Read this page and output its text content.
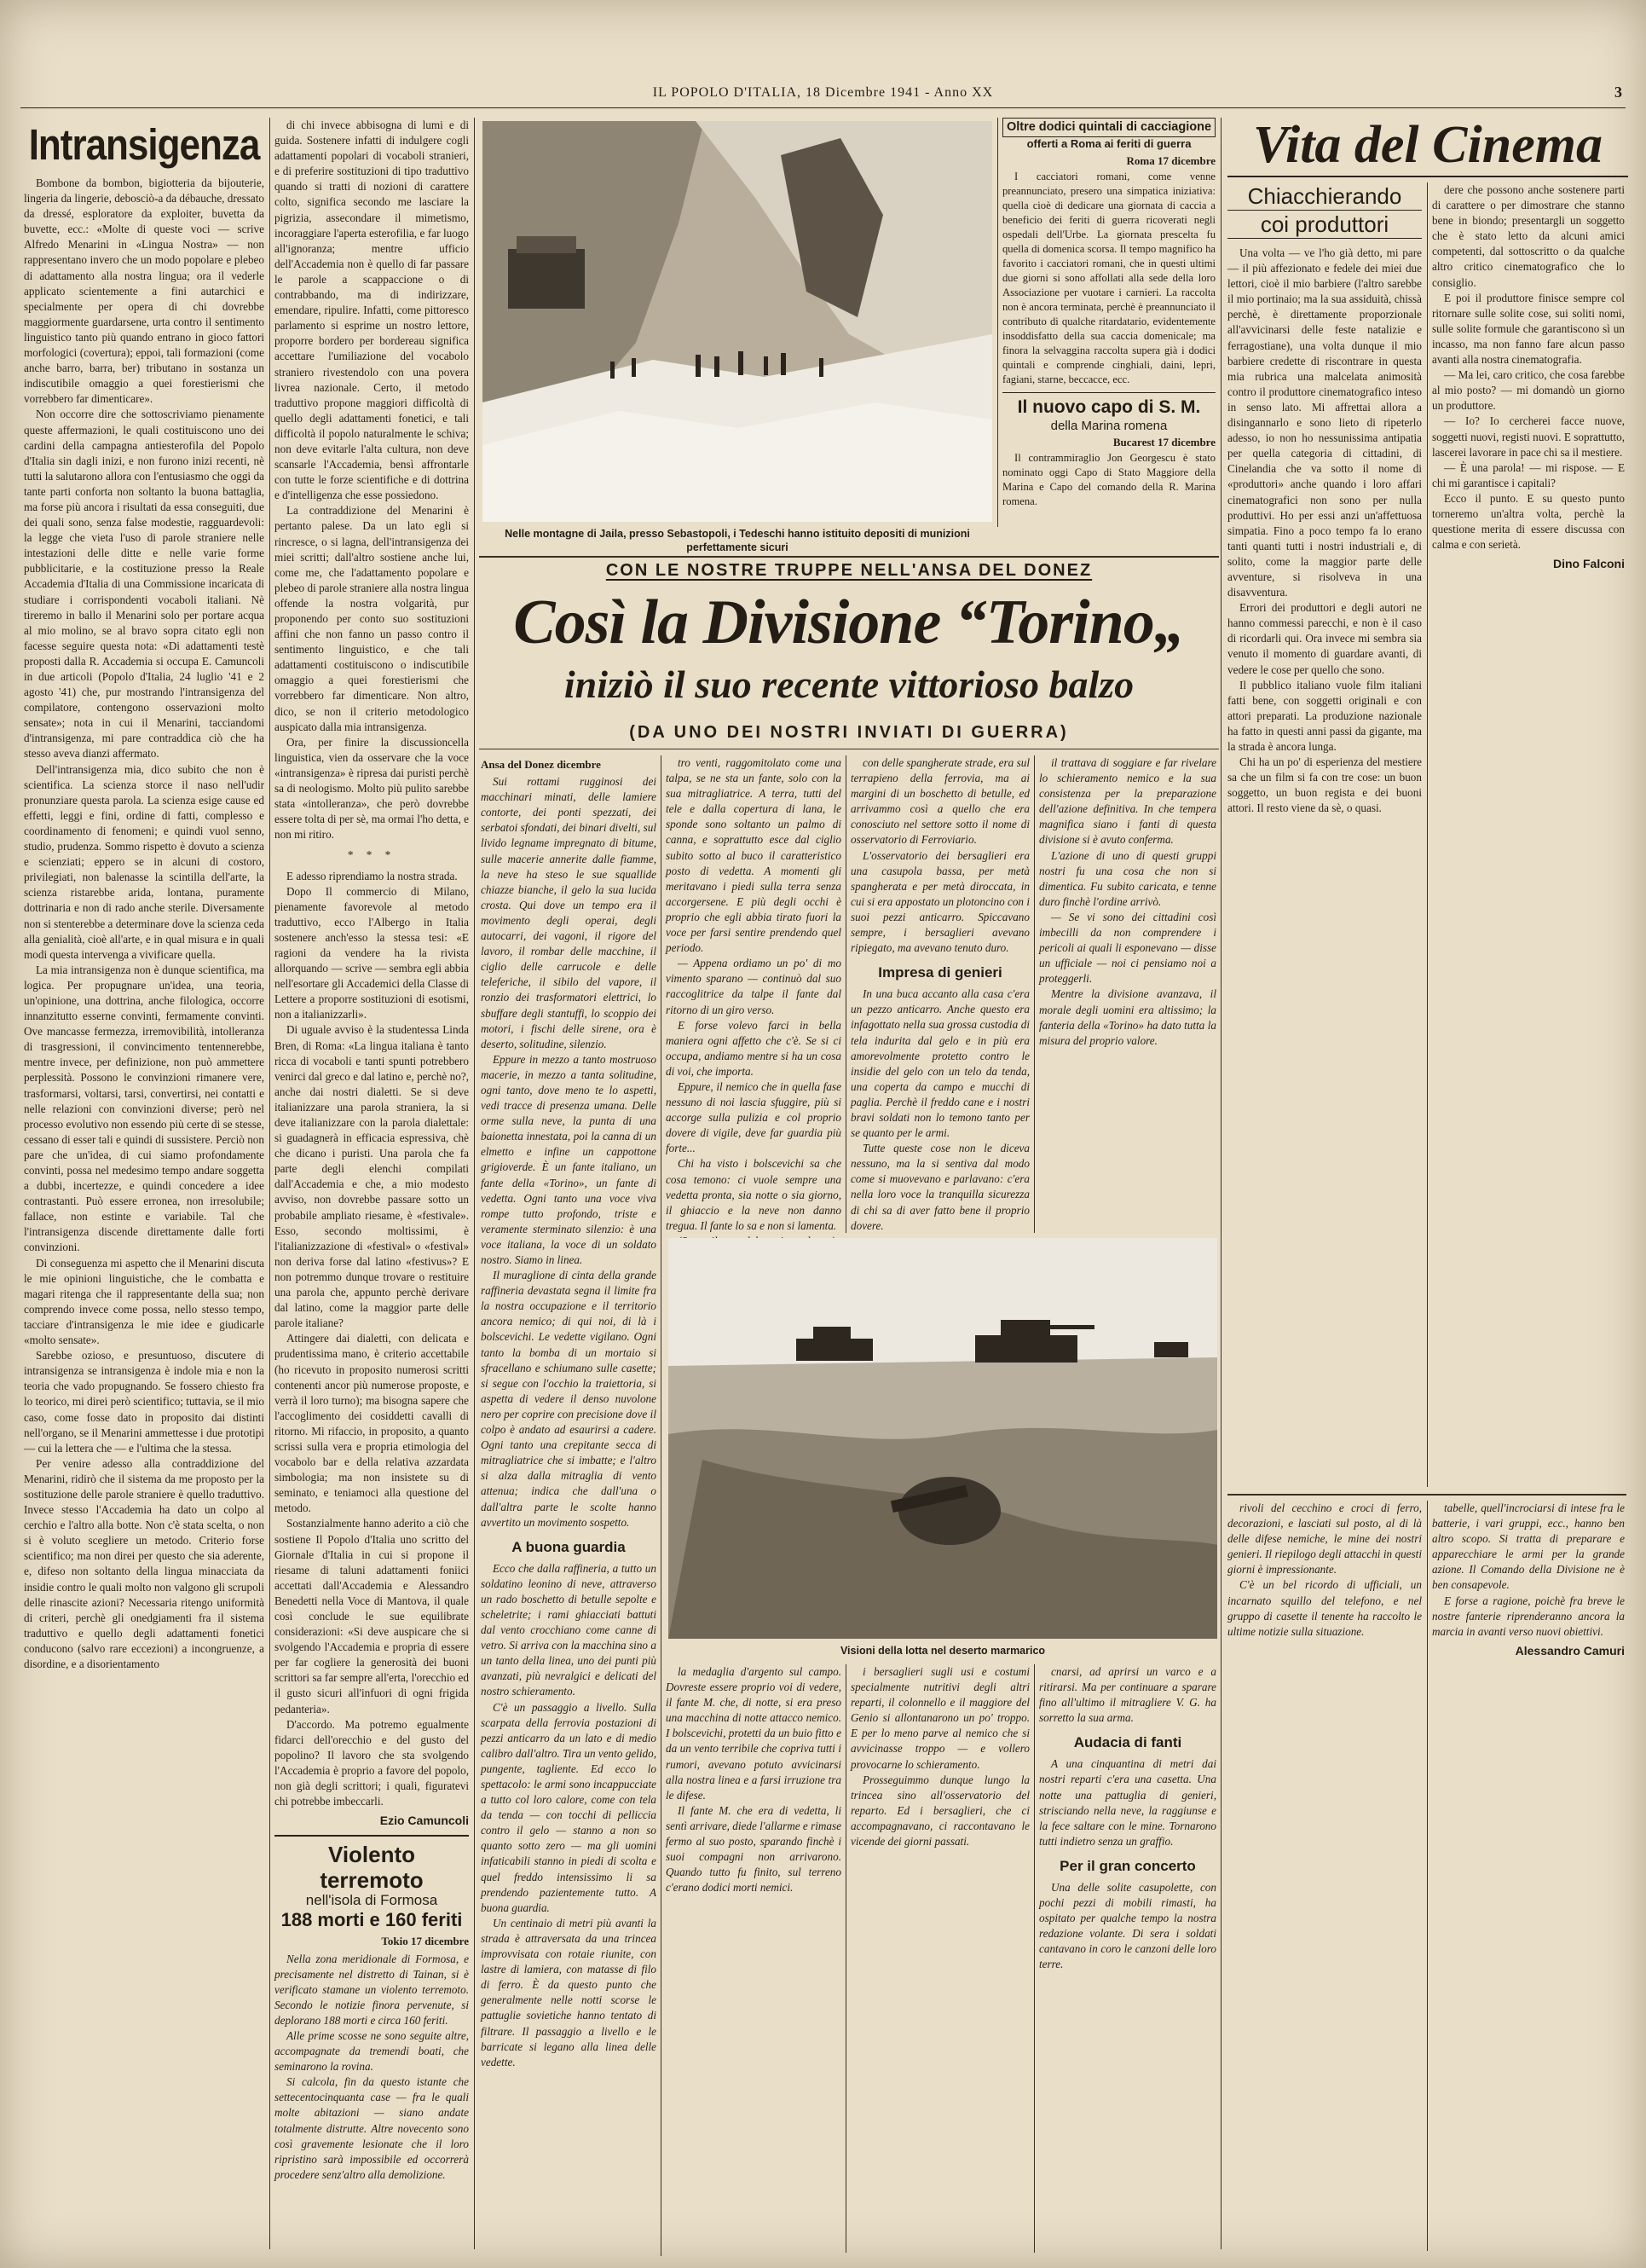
IL POPOLO D'ITALIA, 18 Dicembre 1941 - Anno XX	3
Intransigenza

Bombone da bombon, bigiotteria da bijouterie, lingeria da lingerie, debosciò-a da débauche, dressato da dressé, esploratore da exploiter, buvetta da buvette, ecc.: «Molte di queste voci — scrive Alfredo Menarini in «Lingua Nostra» — non rappresentano invero che un modo popolare e plebeo di adattamento alla nostra lingua; ora il vederle applicato scientemente a fini autarchici e specialmente per opera di chi dovrebbe maggiormente guardarsene, urta contro il sentimento linguistico tanto più quando entrano in gioco fattori morfologici (covertura); eppoi, tali formazioni (come anche barro, barra, ber) tributano in sostanza un indiscutibile omaggio a quei forestierismi che vorrebbero far dimenticare».

Non occorre dire che sottoscriviamo pienamente queste affermazioni, le quali costituiscono uno dei cardini della campagna antiesterofila del Popolo d'Italia sin dagli inizi, e non furono inizi recenti, nè tutti la salutarono allora con l'entusiasmo che oggi da tante parti conforta non soltanto la buona battaglia, ma forse più ancora i risultati da essa conseguiti, due dei quali sono, senza false modestie, ragguardevoli: la legge che vieta l'uso di parole straniere nelle intestazioni delle ditte e nelle varie forme pubblicitarie, e la costituzione presso la Reale Accademia d'Italia di una Commissione incaricata di studiare i corrispondenti vocaboli italiani. Nè tireremo in ballo il Menarini solo per portare acqua al mio molino, se al bravo sopra citato egli non facesse seguire questa nota: «Di adattamenti testè proposti dalla R. Accademia si occupa E. Camuncoli in due articoli (Popolo d'Italia, 24 luglio '41 e 2 agosto '41) che, pur mostrando l'intransigenza del compilatore, contengono osservazioni molto sensate»; nota in cui il Menarini, tacciandomi d'intransigenza, mi pare contraddica ciò che ha stesso aveva dianzi affermato.

Dell'intransigenza mia, dico subito che non è scientifica. La scienza storce il naso nell'udir pronunziare questa parola. La scienza esige cause ed effetti, leggi e fini, ordine di fatti, complesso e coordinamento di fenomeni; e quindi vuol senno, studio, prudenza. Sommo rispetto è dovuto a scienza e scienziati; eppero se in alcuni di costoro, privilegiati, non balenasse la scintilla dell'arte, la scienza ristarebbe arida, lontana, puramente dottrinaria e non di rado anche sterile. Diversamente non si stenterebbe a determinare dove la scienza ceda alla genialità, cioè all'arte, e in qual misura e in quali modi questa intervenga a vivificare quella.

La mia intransigenza non è dunque scientifica, ma logica. Per propugnare un'idea, una teoria, un'opinione, una dottrina, anche filologica, occorre innanzitutto esserne convinti, fermamente convinti. Ove mancasse fermezza, irremovibilità, intolleranza di trasgressioni, il convincimento tentennerebbe, mentre invece, per definizione, non può ammettere perplessità. Possono le convinzioni rimanere vere, trasformarsi, voltarsi, tarsi, convertirsi, nei contatti e nelle relazioni con convinzioni diverse; però nel processo evolutivo non essendo più certe di se stesse, cessano di esser tali e quindi di sussistere. Perciò non pare che un'idea, di cui siamo profondamente convinti, possa nel medesimo tempo andare soggetta a dubbi, incertezze, e quindi concedere a idee contrastanti. Può essere erronea, non irresolubile; fallace, non estinte e variabile. Tal che l'intransigenza discende direttamente dalle forti convinzioni.

Di conseguenza mi aspetto che il Menarini discuta le mie opinioni linguistiche, che le combatta e magari ritenga che il rappresentante della sua; non comprendo invece come possa, nello stesso tempo, tacciare d'intransigenza le mie idee e giudicarle «molto sensate».

Sarebbe ozioso, e presuntuoso, discutere di intransigenza se intransigenza è indole mia e non la teoria che vado propugnando. Se fossero chiesto fra lo teorico, mi direi però scientifico; tuttavia, se il mio caso, come fosse dato in proposito dai distinti nell'organo, se il Menarini ammettesse i due prototipi — cui la lettera che — e l'ultima che la stessa.

Per venire adesso alla contraddizione del Menarini, ridirò che il sistema da me proposto per la sostituzione delle parole straniere è quello traduttivo. Invece stesso l'Accademia ha dato un colpo al cerchio e l'altro alla botte. Non c'è stata scelta, o non si è voluto scegliere un metodo. Criterio forse scientifico; ma non direi per questo che sia aderente, e, difeso non soltanto della lingua minacciata da insidie contro le quali molto non valgono gli scrupoli delle rinascite azioni? Necessaria ritengo uniformità di criteri, perchè gli onedgiamenti fra il sistema traduttivo e quello degli adattamenti fonetici conducono (salvo rare eccezioni) a incongruenze, a disordine, e a disorientamento

di chi invece abbisogna di lumi e di guida. Sostenere infatti di indulgere cogli adattamenti popolari di vocaboli stranieri, e di preferire sostituzioni di tipo traduttivo quando si tratti di nozioni di carattere colto, significa secondo me lasciare la pigrizia, assecondare il mimetismo, incoraggiare l'aperta esterofilia, e far luogo all'ignoranza; mentre ufficio dell'Accademia non è quello di far passare le parole a scappaccione o di contrabbando, ma di indirizzare, emendare, ripulire. Infatti, come pittoresco parlamento si esprime un nostro lettore, proporre bordero per bordereau significa accettare l'umiliazione del vocabolo straniero rivestendolo con una povera livrea nazionale. Certo, il metodo traduttivo propone maggiori difficoltà di quello degli adattamenti fonetici, e tali difficoltà il popolo naturalmente le schiva; non deve evitarle l'alta cultura, non deve scansarle l'Accademia, bensì affrontarle con tutte le forze scientifiche e di dottrina e d'intelligenza che esse possiedono.

La contraddizione del Menarini è pertanto palese. Da un lato egli si rincresce, o si lagna, dell'intransigenza dei miei scritti; dall'altro sostiene anche lui, come me, che l'adattamento popolare e plebeo di parole straniere alla nostra lingua offende la nostra volgarità, pur proponendo per conto suo sostituzioni affini che non fanno un passo contro il sentimento linguistico, e che tali adattamenti costituiscono o indiscutibile omaggio a quei forestierismi che vorrebbero far dimenticare. Non altro, dico, se non il criterio metodologico auspicato dalla mia intransigenza.

Ora, per finire la discussioncella linguistica, vien da osservare che la voce «intransigenza» è ripresa dai puristi perchè sa di neologismo. Molto più pulito sarebbe stata «intolleranza», che però dovrebbe essere tolta di per sè, ma ormai l'ho detta, e non mi ritiro.

* * *

E adesso riprendiamo la nostra strada.

Dopo Il commercio di Milano, pienamente favorevole al metodo traduttivo, ecco l'Albergo in Italia sostenere anch'esso la stessa tesi: «E ragioni da vendere ha la rivista allorquando — scrive — sembra egli abbia nell'esortare gli Accademici della Classe di Lettere a proporre sostituzioni di esotismi, non a italianizzarli».

Di uguale avviso è la studentessa Linda Bren, di Roma: «La lingua italiana è tanto ricca di vocaboli e tanti spunti potrebbero venirci dal greco e dal latino e, perchè no?, anche dai nostri dialetti. Se si deve italianizzare una parola straniera, la si deve italianizzare con la parola dialettale: si guadagnerà in efficacia espressiva, chè che dicano i puristi. Una parola che fa parte degli elenchi compilati dall'Accademia e che, a mio modesto avviso, non dovrebbe passare sotto un probabile ampliato riesame, è «festivale». Esso, secondo moltissimi, è l'italianizzazione di «festival» o «festival» non deriva forse dal latino «festivus»? E non potremmo dunque trovare o restituire una parola che, appunto perchè derivare dal latino, come la maggior parte delle parole italiane?

Attingere dai dialetti, con delicata e prudentissima mano, è criterio accettabile (ho ricevuto in proposito numerosi scritti contenenti ancor più numerose proposte, e verrà il loro turno); ma bisogna sapere che l'accoglimento dei cosiddetti cavalli di ritorno. Mi rifaccio, in proposito, a quanto scrissi sulla vera e propria etimologia del vocabolo bar e della relativa azzardata simbologia; ma non insistete su di seminato, e teniamoci alla questione del metodo.

Sostanzialmente hanno aderito a ciò che sostiene Il Popolo d'Italia uno scritto del Giornale d'Italia in cui si propone il riesame di taluni adattamenti foniici accettati dall'Accademia e Alessandro Benedetti nella Voce di Mantova, il quale così conclude le sue equilibrate considerazioni: «Si deve auspicare che si svolgendo l'Accademia e propria di essere per far cogliere la generosità dei buoni scrittori sa far sempre all'erta, l'orecchio ed il gusto sicuri all'infuori di ogni frigida pedanteria».

D'accordo. Ma potremo egualmente fidarci dell'orecchio e del gusto del popolino? Il lavoro che sta svolgendo l'Accademia è proprio a favore del popolo, non già degli scrittori; i quali, figuratevi chi potrebbe imbeccarli.

Ezio Camuncoli
Violento terremoto
nell'isola di Formosa
188 morti e 160 feriti
Tokio 17 dicembre

Nella zona meridionale di Formosa, e precisamente nel distretto di Tainan, si è verificato stamane un violento terremoto. Secondo le notizie finora pervenute, si deplorano 188 morti e circa 160 feriti.

Alle prime scosse ne sono seguite altre, accompagnate da tremendi boati, che seminarono la rovina.

Si calcola, fin da questo istante che settecentocinquanta case — fra le quali molte abitazioni — siano andate totalmente distrutte. Altre novecento sono così gravemente lesionate che il loro ripristino sarà impossibile ed occorrerà procedere senz'altro alla demolizione.

Nelle montagne di Jaila, presso Sebastopoli, i Tedeschi hanno istituito depositi di munizioni perfettamente sicuri
Oltre dodici quintali di cacciagione
offerti a Roma ai feriti di guerra
Roma 17 dicembre

I cacciatori romani, come venne preannunciato, presero una simpatica iniziativa: quella cioè di dedicare una giornata di caccia a beneficio dei feriti di guerra ricoverati negli ospedali dell'Urbe. La giornata prescelta fu quella di domenica scorsa. Il tempo magnifico ha favorito i cacciatori romani, che in questi ultimi due giorni si sono affollati alla sede della loro Associazione per vuotare i carnieri. La raccolta non è ancora terminata, perchè è preannunciato il contributo di qualche ritardatario, evidentemente insoddisfatto della sua caccia domenicale; ma finora la selvaggina raccolta supera già i dodici quintali e comprende cinghiali, daini, lepri, fagiani, starne, beccacce, ecc.

Il nuovo capo di S. M.
della Marina romena
Bucarest 17 dicembre

Il contrammiraglio Jon Georgescu è stato nominato oggi Capo di Stato Maggiore della Marina e Capo del comando della R. Marina romena.

CON LE NOSTRE TRUPPE NELL'ANSA DEL DONEZ
Così la Divisione “Torino„
iniziò il suo recente vittorioso balzo
(DA UNO DEI NOSTRI INVIATI DI GUERRA)
Ansa del Donez dicembre

Sui rottami rugginosi dei macchinari minati, delle lamiere contorte, dei ponti spezzati, dei serbatoi sfondati, dei binari divelti, sul livido legname impregnato di bitume, sulle macerie annerite dalle fiamme, la neve ha steso le sue squallide chiazze bianche, il gelo la sua lucida crosta. Qui dove un tempo era il movimento degli operai, degli autocarri, dei vagoni, il rigore del lavoro, il rombar delle macchine, il ciglio delle carrucole e delle teleferiche, il sibilo del vapore, il ronzio dei trasformatori elettrici, lo sbuffare degli stantuffi, lo scoppio dei motori, i fischi delle sirene, ora è deserto, solitudine, silenzio.

Eppure in mezzo a tanto mostruoso macerie, in mezzo a tanta solitudine, ogni tanto, dove meno te lo aspetti, vedi tracce di presenza umana. Delle orme sulla neve, la punta di una baionetta innestata, poi la canna di un elmetto e infine un cappottone grigioverde. È un fante italiano, un fante della «Torino», un fante di vedetta. Ogni tanto una voce viva rompe tutto profondo, triste e veramente sterminato silenzio: è una voce italiana, la voce di un soldato nostro. Siamo in linea.

Il muraglione di cinta della grande raffineria devastata segna il limite fra la nostra occupazione e il territorio ancora nemico; di qui noi, di là i bolscevichi. Le vedette vigilano. Ogni tanto la bomba di un mortaio si sfracellano e schiumano sulle casette; si segue con l'occhio la traiettoria, si aspetta di vedere il denso nuvolone nero per coprire con precisione dove il colpo è andato ad esaurirsi a cadere. Ogni tanto una crepitante secca di mitragliatrice che si imbatte; e l'altro si alza dalla mitraglia di vento attenua; indica che dall'una o dall'altra parte le scolte hanno avvertito un movimento sospetto.

A buona guardia

Ecco che dalla raffineria, a tutto un soldatino leonino di neve, attraverso un rado boschetto di betulle sepolte e scheletrite; i rami ghiacciati battuti dal vento crocchiano come canne di vetro. Si arriva con la macchina sino a un tanto della linea, uno dei punti più avanzati, più nevralgici e delicati del nostro schieramento.

C'è un passaggio a livello. Sulla scarpata della ferrovia postazioni di pezzi anticarro da un lato e di medio calibro dall'altro. Tira un vento gelido, pungente, tagliente. Ed ecco lo spettacolo: le armi sono incappucciate a tutto col loro calore, come con tela da tenda — con tocchi di pelliccia contro il gelo — stanno a non so quanto sotto zero — ma gli uomini infaticabili stanno in piedi di scolta e quel freddo intensissimo li sa prendendo pazientemente tutto. A buona guardia.

Un centinaio di metri più avanti la strada è attraversata da una trincea improvvisata con rotaie riunite, con lastre di lamiera, con matasse di filo di ferro. È da questo punto che generalmente nelle notti scorse le pattuglie sovietiche hanno tentato di filtrare. Il passaggio a livello e le barricate si legano alla linea delle vedette.

tro venti, raggomitolato come una talpa, se ne sta un fante, solo con la sua mitragliatrice. A terra, tutti del tele e dalla copertura di lana, le sponde sono soltanto un palmo di canna, e soprattutto esce dal ciglio subito sotto al buco il caratteristico posto di vedetta. A momenti gli meritavano i piedi sulla terra senza accorgersene. E più degli occhi è proprio che egli abbia tirato fuori la voce per farsi sentire prendendo quel periodo.

— Appena ordiamo un po' di mo vimento sparano — continuò dal suo raccoglitrice da talpe il fante dal ritorno di un giro verso.

E forse volevo farci in bella maniera ogni affetto che c'è. Se si ci occupa, andiamo mentre si ha un cosa di voi, che importa.

Eppure, il nemico che in quella fase nessuno di noi lascia sfuggire, più si accorge sulla pulizia e col proprio dovere di vigile, deve far guardia più forte...

Chi ha visto i bolscevichi sa che cosa temono: ci vuole sempre una vedetta pronta, sia notte o sia giorno, il ghiaccio e la neve non danno tregua. Il fante lo sa e non si lamenta.

con delle spangherate strade, era sul terrapieno della ferrovia, ma ai margini di un boschetto di betulle, ed arrivammo così a quello che era conosciuto nel settore sotto il nome di osservatorio di Ferroviario.

L'osservatorio dei bersaglieri era una casupola bassa, per metà spangherata e per metà diroccata, in cui si era appostato un plotoncino con i suoi pezzi anticarro. Spiccavano sempre, i bersaglieri avevano ripiegato, ma avevano tenuto duro.

Impresa di genieri

In una buca accanto alla casa c'era un pezzo anticarro. Anche questo era infagottato nella sua grossa custodia di tela indurita dal gelo e in più era amorevolmente protetto contro le insidie del gelo con un telo da tenda, una coperta da campo e mucchi di paglia. Perchè il freddo cane e i nostri bravi soldati non lo temono tanto per se quanto per le armi.

Tutte queste cose non le diceva nessuno, ma la si sentiva dal modo come si muovevano e parlavano: c'era nella loro voce la tranquilla sicurezza di chi sa di aver fatto bene il proprio dovere.

il trattava di soggiare e far rivelare lo schieramento nemico e la sua consistenza per la preparazione dell'azione definitiva. In che tempera magnifica siano i fanti di questa divisione si è avuto conferma.

L'azione di uno di questi gruppi nostri fu una cosa che non si dimentica. Fu subito caricata, e tenne duro finchè l'ordine arrivò.

— Se vi sono dei cittadini così imbecilli da non comprendere i pericoli ai quali li esponevano — disse un ufficiale — noi ci pensiamo noi a proteggerli.

Mentre la divisione avanzava, il morale degli uomini era altissimo; la fanteria della «Torino» ha dato tutta la misura del proprio valore.

Visioni della lotta nel deserto marmarico

la medaglia d'argento sul campo. Dovreste essere proprio voi di vedere, il fante M. che, di notte, si era preso una macchina di notte attacco nemico. I bolscevichi, protetti da un buio fitto e da un vento terribile che copriva tutti i rumori, avevano potuto avvicinarsi alla nostra linea e a farsi irruzione tra le difese.

Il fante M. che era di vedetta, li sentì arrivare, diede l'allarme e rimase fermo al suo posto, sparando finchè i suoi compagni non arrivarono. Quando tutto fu finito, sul terreno c'erano dodici morti nemici.

i bersaglieri sugli usi e costumi specialmente nutritivi degli altri reparti, il colonnello e il maggiore del Genio si allontanarono un po' troppo. E per lo meno parve al nemico che si avvicinasse troppo — e vollero provocarne lo schieramento.

Prosseguimmo dunque lungo la trincea sino all'osservatorio del reparto. Ed i bersaglieri, che ci accompagnavano, ci raccontavano le vicende dei giorni passati.

cnarsi, ad aprirsi un varco e a ritirarsi. Ma per continuare a sparare fino all'ultimo il mitragliere V. G. ha sorretto la sua arma.

Audacia di fanti

A una cinquantina di metri dai nostri reparti c'era una casetta. Una notte una pattuglia di genieri, strisciando nella neve, la raggiunse e la fece saltare con le mine. Tornarono tutti indietro senza un graffio.

Per il gran concerto

Una delle solite casupolette, con pochi pezzi di mobili rimasti, ha ospitato per qualche tempo la nostra redazione volante. Di sera i soldati cantavano in coro le canzoni delle loro terre.

Vita del Cinema
Chiacchierando
coi produttori

Una volta — ve l'ho già detto, mi pare — il più affezionato e fedele dei miei due lettori, cioè il mio barbiere (l'altro sarebbe il mio portinaio; ma la sua assiduità, chissà perchè, è direttamente proporzionale all'avvicinarsi delle feste natalizie e ferragostiane), una volta dunque il mio barbiere credette di riscontrare in questa mia rubrica una malcelata animosità contro il produttore cinematografico inteso in senso lato. Mi affrettai allora a disingannarlo e sono lieto di ripeterlo adesso, io non ho nessunissima antipatia per quella categoria di cittadini, di Cinelandia che va sotto il nome di «produttori» anche quando i loro affari cinematografici non sono per nulla produttivi. Ho per essi anzi un'affettuosa simpatia. Fino a poco tempo fa lo erano tanti quanti tutti i nostri industriali e, di solito, come la maggior parte delle avventure, si risolveva in una disavventura.

Errori dei produttori e degli autori ne hanno commessi parecchi, e non è il caso di ricordarli qui. Ora invece mi sembra sia venuto il momento di guardare avanti, di vedere le cose per quello che sono.

Il pubblico italiano vuole film italiani fatti bene, con soggetti originali e con attori preparati. La produzione nazionale ha fatto in questi anni passi da gigante, ma la strada è ancora lunga.

Chi ha un po' di esperienza del mestiere sa che un film si fa con tre cose: un buon soggetto, un buon regista e dei buoni attori. Il resto viene da sè, o quasi.

dere che possono anche sostenere parti di carattere o per dimostrare che stanno bene in biondo; presentargli un soggetto che è stato letto da alcuni amici competenti, dal sottoscritto o da qualche altro critico cinematografico che lo consiglio.

E poi il produttore finisce sempre col ritornare sulle solite cose, sui soliti nomi, sulle solite formule che garantiscono sì un incasso, ma non fanno fare alcun passo avanti alla nostra cinematografia.

— Ma lei, caro critico, che cosa farebbe al mio posto? — mi domandò un giorno un produttore.

— Io? Io cercherei facce nuove, soggetti nuovi, registi nuovi. E soprattutto, lascerei lavorare in pace chi sa il mestiere.

— È una parola! — mi rispose. — E chi mi garantisce i capitali?

Ecco il punto. E su questo punto torneremo un'altra volta, perchè la questione merita di essere discussa con calma e con serietà.

Dino Falconi

rivoli del cecchino e croci di ferro, decorazioni, e lasciati sul posto, al di là delle difese nemiche, le mine dei nostri genieri. Il riepilogo degli attacchi in questi giorni è impressionante.

C'è un bel ricordo di ufficiali, un incarnato squillo del telefono, e nel gruppo di casette il tenente ha raccolto le ultime notizie sulla situazione.

tabelle, quell'incrociarsi di intese fra le batterie, i vari gruppi, ecc., hanno ben altro scopo. Si tratta di preparare e apparecchiare le armi per la grande azione. Il Comando della Divisione ne è ben consapevole.

E forse a ragione, poichè fra breve le nostre fanterie riprenderanno ancora la marcia in avanti verso nuovi obiettivi.

Alessandro Camuri
